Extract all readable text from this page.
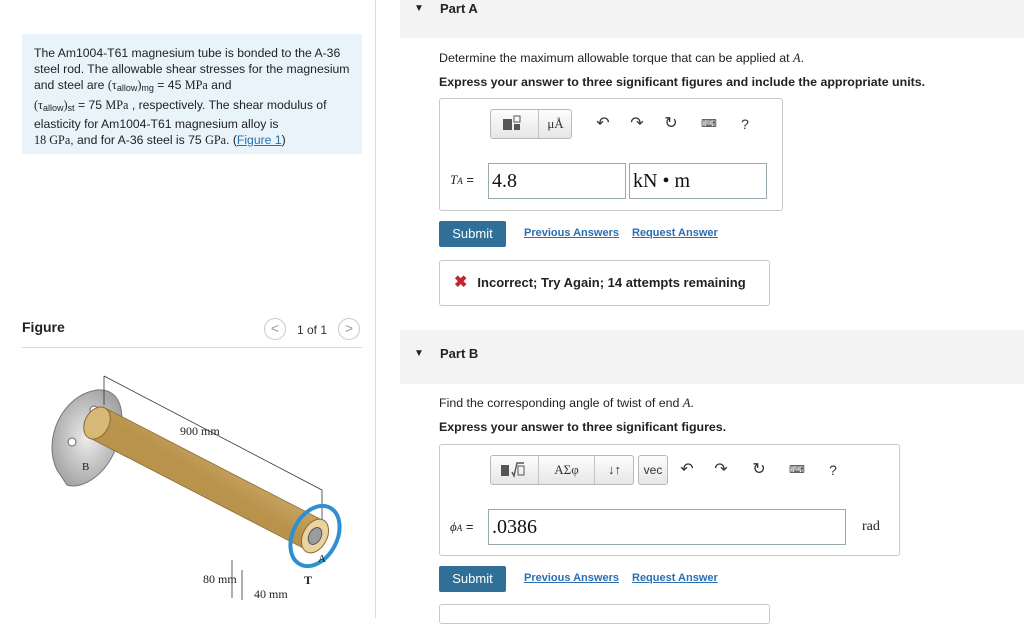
The Am1004-T61 magnesium tube is bonded to the A-36 steel rod. The allowable shear stresses for the magnesium and steel are $(\tau_{allow})_{mg} = 45$ MPa and
$(\tau_{allow})_{st} = 75$ MPa , respectively. The shear modulus of elasticity for Am1004-T61 magnesium alloy is
18 GPa, and for A-36 steel is 75 GPa. (Figure 1)
Figure	<	1 of 1	>
900 mm
B
A
T
80 mm
40 mm
▼ Part A
Determine the maximum allowable torque that can be applied at A.
Express your answer to three significant figures and include the appropriate units.
μÅ	↶ ↷ ↻	⌨	?
TA = 4.8	kN • m
Submit	Previous Answers Request Answer
✖ Incorrect; Try Again; 14 attempts remaining
▼ Part B
Find the corresponding angle of twist of end A.
Express your answer to three significant figures.
ΑΣφ	↓↑	vec ↶ ↷ ↻	⌨	?
ϕA = .0386	rad
Submit	Previous Answers Request Answer
